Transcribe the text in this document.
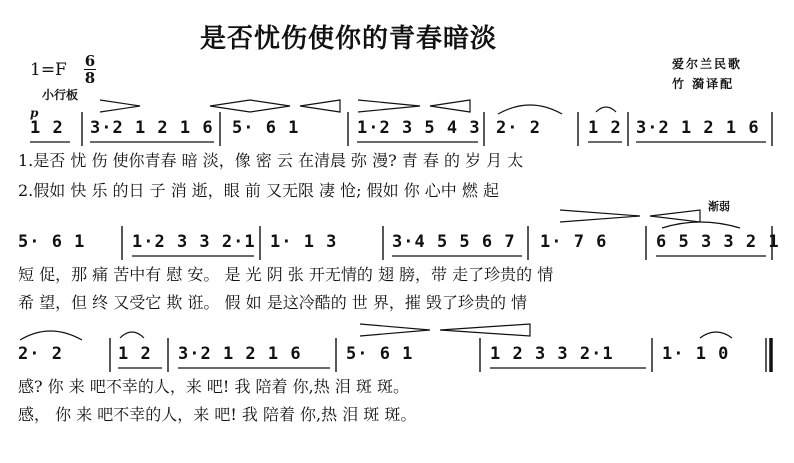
是否忧伤使你的青春暗淡
1=F 6
8
小行板
p
爱尔兰民歌
竹 漪译配
渐弱
1 2 3·2 1 2 1 6 5· 6 1	1·2 3 5 4 3 2· 2	1 2 3·2 1 2 1 6
1.是否 忧 伤 使你青春 暗 淡，像 密 云 在清晨 弥 漫? 青 春 的 岁 月 太
2.假如 快 乐 的日 子 消 逝，眼 前 又无限 凄 怆; 假如 你 心中 燃 起
5· 6 1	1·2 3 3 2·1 1· 1 3	3·4 5 5 6 7 1· 7 6	6 5 3 3 2 1
短 促，那 痛 苦中有 慰 安。 是 光 阴 张 开无情的 翅 膀，带 走了珍贵的 情
希 望，但 终 又受它 欺 诳。 假 如 是这冷酷的 世 界，摧 毁了珍贵的 情
2· 2	1 2 3·2 1 2 1 6	5· 6 1	1 2 3 3 2·1	1· 1 0
感? 你 来 吧不幸的人，来 吧! 我 陪着 你,热 泪 斑 斑。
感， 你 来 吧不幸的人，来 吧! 我 陪着 你,热 泪 斑 斑。
